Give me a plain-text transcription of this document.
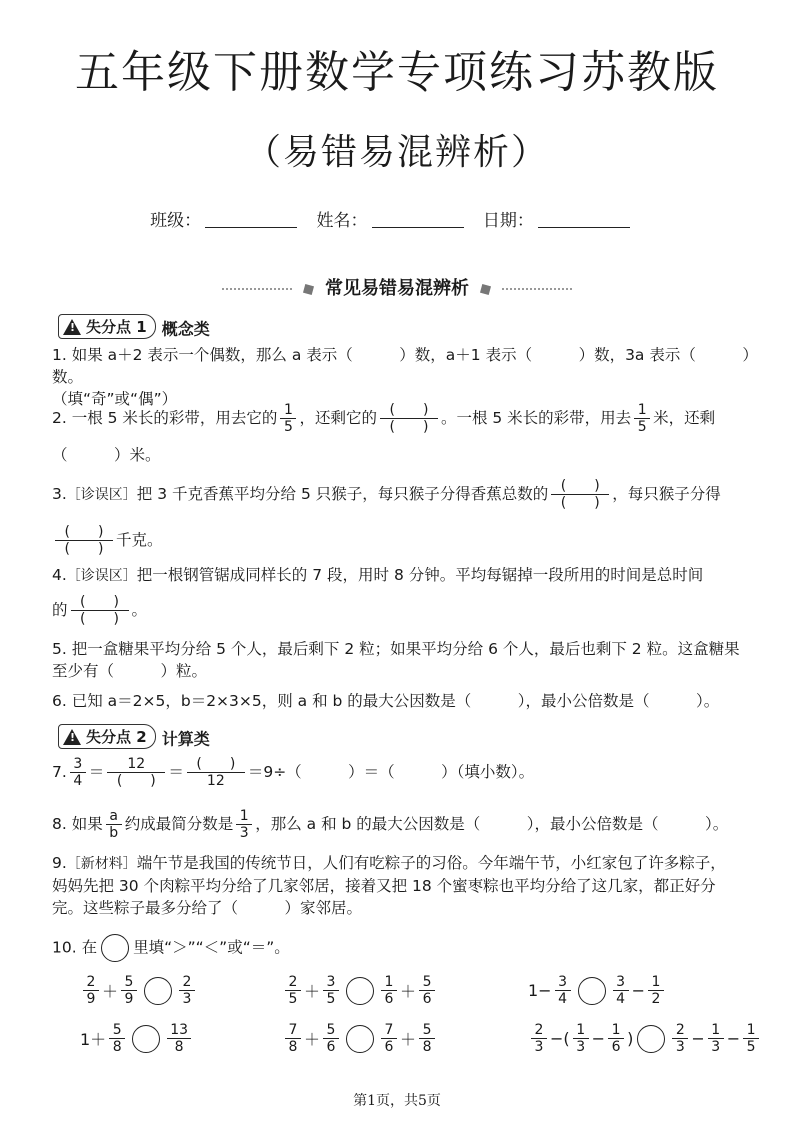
五年级下册数学专项练习苏教版
（易错易混辨析）
班级：	姓名：	日期：
常见易错易混辨析
!
失分点
1 概念类
1. 如果 a＋2 表示一个偶数，那么 a 表示（　　　）数，a＋1 表示（　　　）数，3a 表示（　　　）数。
（填“奇”或“偶”）
2. 一根 5 米长的彩带，用去它的 $\frac{1}{5}$ ，还剩它的 $\frac{( )}{( )}$ 。一根 5 米长的彩带，用去 $\frac{1}{5}$ 米，还剩
（　　　）米。
3.［诊误区］把 3 千克香蕉平均分给 5 只猴子，每只猴子分得香蕉总数的 $\frac{( )}{( )}$ ，每只猴子分得
$\frac{( )}{( )}$ 千克。
4.［诊误区］把一根钢管锯成同样长的 7 段，用时 8 分钟。平均每锯掉一段所用的时间是总时间
的 $\frac{( )}{( )}$ 。
5. 把一盒糖果平均分给 5 个人，最后剩下 2 粒；如果平均分给 6 个人，最后也剩下 2 粒。这盒糖果
至少有（　　　）粒。
6. 已知 a＝2×5，b＝2×3×5，则 a 和 b 的最大公因数是（　　　），最小公倍数是（　　　）。
!
失分点
2 计算类
7. $\frac{3}{4} = \frac{12}{( )} = \frac{( )}{12} =9\div$（　　　）＝（　　　）（填小数）。
8. 如果 $\frac{a}{b}$ 约成最简分数是 $\frac{1}{3}$ ，那么 a 和 b 的最大公因数是（　　　），最小公倍数是（　　　）。
9.［新材料］端午节是我国的传统节日，人们有吃粽子的习俗。今年端午节，小红家包了许多粽子，
妈妈先把 30 个肉粽平均分给了几家邻居，接着又把 18 个蜜枣粽也平均分给了这几家，都正好分
完。这些粽子最多分给了（　　　）家邻居。
10. 在 里填“＞”“＜”或“＝”。
$\frac{2}{9} + \frac{5}{9}$	$\frac{2}{3}$	$\frac{2}{5} + \frac{3}{5}$	$\frac{1}{6} + \frac{5}{6}$	$1- \frac{3}{4}$	$\frac{3}{4} - \frac{1}{2}$
$1+ \frac{5}{8}$	$\frac{13}{8}$	$\frac{7}{8} + \frac{5}{6}$	$\frac{7}{6} + \frac{5}{8}$	$\frac{2}{3}$ −( $\frac{1}{3} - \frac{1}{6}$ )	$\frac{2}{3} - \frac{1}{3} - \frac{1}{5}$
第1页，共5页
